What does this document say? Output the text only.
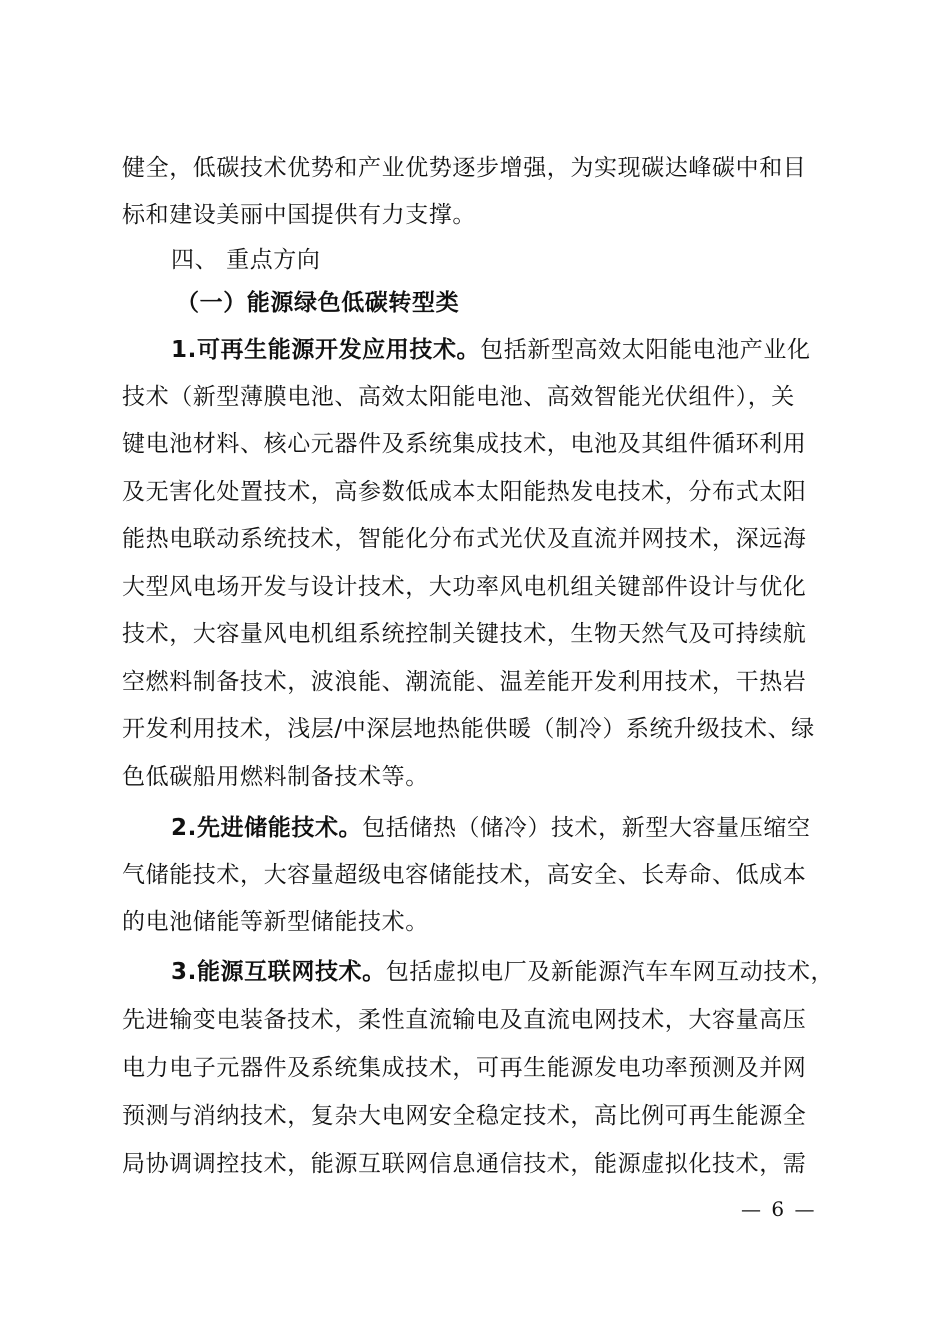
健全，低碳技术优势和产业优势逐步增强，为实现碳达峰碳中和目
标和建设美丽中国提供有力支撑。
四、 重点方向
（一）能源绿色低碳转型类
1.可再生能源开发应用技术。包括新型高效太阳能电池产业化
技术（新型薄膜电池、高效太阳能电池、高效智能光伏组件），关
键电池材料、核心元器件及系统集成技术，电池及其组件循环利用
及无害化处置技术，高参数低成本太阳能热发电技术，分布式太阳
能热电联动系统技术，智能化分布式光伏及直流并网技术，深远海
大型风电场开发与设计技术，大功率风电机组关键部件设计与优化
技术，大容量风电机组系统控制关键技术，生物天然气及可持续航
空燃料制备技术，波浪能、潮流能、温差能开发利用技术，干热岩
开发利用技术，浅层/中深层地热能供暖（制冷）系统升级技术、绿
色低碳船用燃料制备技术等。
2.先进储能技术。包括储热（储冷）技术，新型大容量压缩空
气储能技术，大容量超级电容储能技术，高安全、长寿命、低成本
的电池储能等新型储能技术。
3.能源互联网技术。包括虚拟电厂及新能源汽车车网互动技术，
先进输变电装备技术，柔性直流输电及直流电网技术，大容量高压
电力电子元器件及系统集成技术，可再生能源发电功率预测及并网
预测与消纳技术，复杂大电网安全稳定技术，高比例可再生能源全
局协调调控技术，能源互联网信息通信技术，能源虚拟化技术，需
— 6 —
